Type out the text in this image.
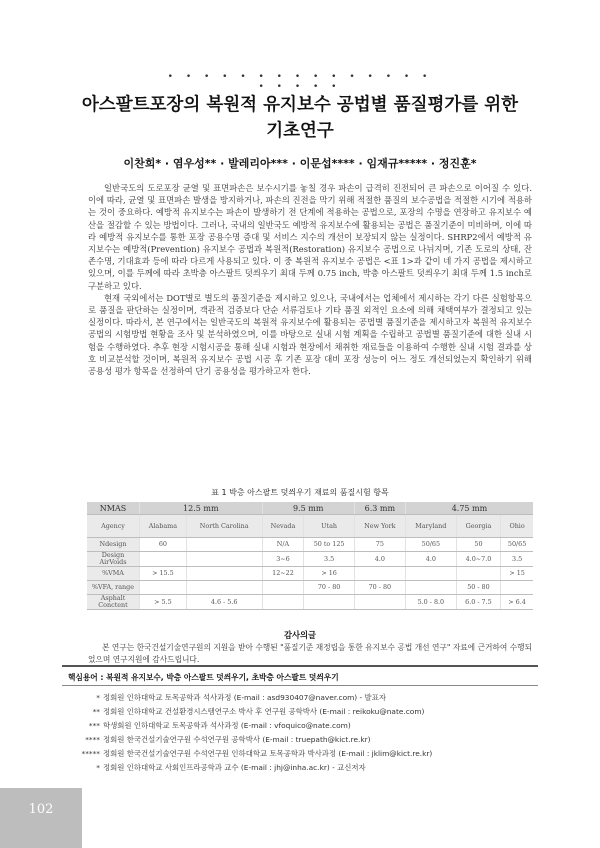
• • • • • • • • • • • • • • • • • • • •
아스팔트포장의 복원적 유지보수 공법별 품질평가를 위한
기초연구
이찬희* · 염우성** · 발레리아*** · 이문섭**** · 임재규***** · 정진훈*

일반국도의 도로포장 균열 및 표면파손은 보수시기를 놓칠 경우 파손이 급격히 진전되어 큰 파손으로 이어질 수 있다. 이에 따라, 균열 및 표면파손 발생을 방지하거나, 파손의 진전을 막기 위해 적절한 품질의 보수공법을 적절한 시기에 적용하는 것이 중요하다. 예방적 유지보수는 파손이 발생하기 전 단계에 적용하는 공법으로, 포장의 수명을 연장하고 유지보수 예산을 절감할 수 있는 방법이다. 그러나, 국내의 일반국도 예방적 유지보수에 활용되는 공법은 품질기준이 미비하며, 이에 따라 예방적 유지보수를 통한 포장 공용수명 증대 및 서비스 지수의 개선이 보장되지 않는 실정이다. SHRP2에서 예방적 유지보수는 예방적(Prevention) 유지보수 공법과 복원적(Restoration) 유지보수 공법으로 나뉘지며, 기존 도로의 상태, 잔존수명, 기대효과 등에 따라 다르게 사용되고 있다. 이 중 복원적 유지보수 공법은 <표 1>과 같이 네 가지 공법을 제시하고 있으며, 이를 두께에 따라 초박층 아스팔트 덧씌우기 최대 두께 0.75 inch, 박층 아스팔트 덧씌우기 최대 두께 1.5 inch로 구분하고 있다.

현재 국외에서는 DOT별로 별도의 품질기준을 제시하고 있으나, 국내에서는 업체에서 제시하는 각기 다른 실험항목으로 품질을 판단하는 실정이며, 객관적 검증보다 단순 서류검토나 기타 품질 외적인 요소에 의해 채택여부가 결정되고 있는 실정이다. 따라서, 본 연구에서는 일반국도의 복원적 유지보수에 활용되는 공법별 품질기준을 제시하고자 복원적 유지보수 공법의 시험방법 현황을 조사 및 분석하였으며, 이를 바탕으로 실내 시험 계획을 수립하고 공법별 품질기준에 대한 실내 시험을 수행하였다. 추후 현장 시험시공을 통해 실내 시험과 현장에서 채취한 재료들을 이용하여 수행한 실내 시험 결과를 상호 비교분석할 것이며, 복원적 유지보수 공법 시공 후 기존 포장 대비 포장 성능이 어느 정도 개선되었는지 확인하기 위해 공용성 평가 항목을 선정하여 단기 공용성을 평가하고자 한다.

표 1 박층 아스팔트 덧씌우기 재료의 품질시험 항목
NMAS	12.5 mm		9.5 mm		6.3 mm	4.75 mm		
Agency	Alabama	North Carolina	Nevada	Utah	New York	Maryland	Georgia	Ohio
Ndesign	60		N/A	50 to 125	75	50/65	50	50/65
Design AirVoids			3~6	3.5	4.0	4.0	4.0~7.0	3.5
%VMA	> 15.5		12~22	> 16				> 15
%VFA, range				70 - 80	70 - 80		50 - 80	
Asphalt Conctent	> 5.5	4.6 - 5.6				5.0 - 8.0	6.0 - 7.5	> 6.4
감사의글

본 연구는 한국건설기술연구원의 지원을 받아 수행된 "품질기준 재정립을 통한 유지보수 공법 개선 연구" 자료에 근거하여 수행되었으며 연구지원에 감사드립니다.

핵심용어 : 복원적 유지보수, 박층 아스팔트 덧씌우기, 초박층 아스팔트 덧씌우기
* 정회원 인하대학교 토목공학과 석사과정 (E-mail : asd930407@naver.com) - 발표자
** 정회원 인하대학교 건설환경시스템연구소 박사 후 연구원 공학박사 (E-mail : reikoku@nate.com)
*** 학생회원 인하대학교 토목공학과 석사과정 (E-mail : vfoquico@nate.com)
**** 정회원 한국건설기술연구원 수석연구원 공학박사 (E-mail : truepath@kict.re.kr)
***** 정회원 한국건설기술연구원 수석연구원 인하대학교 토목공학과 박사과정 (E-mail : jklim@kict.re.kr)
* 정회원 인하대학교 사회인프라공학과 교수 (E-mail : jhj@inha.ac.kr) - 교신저자
102
